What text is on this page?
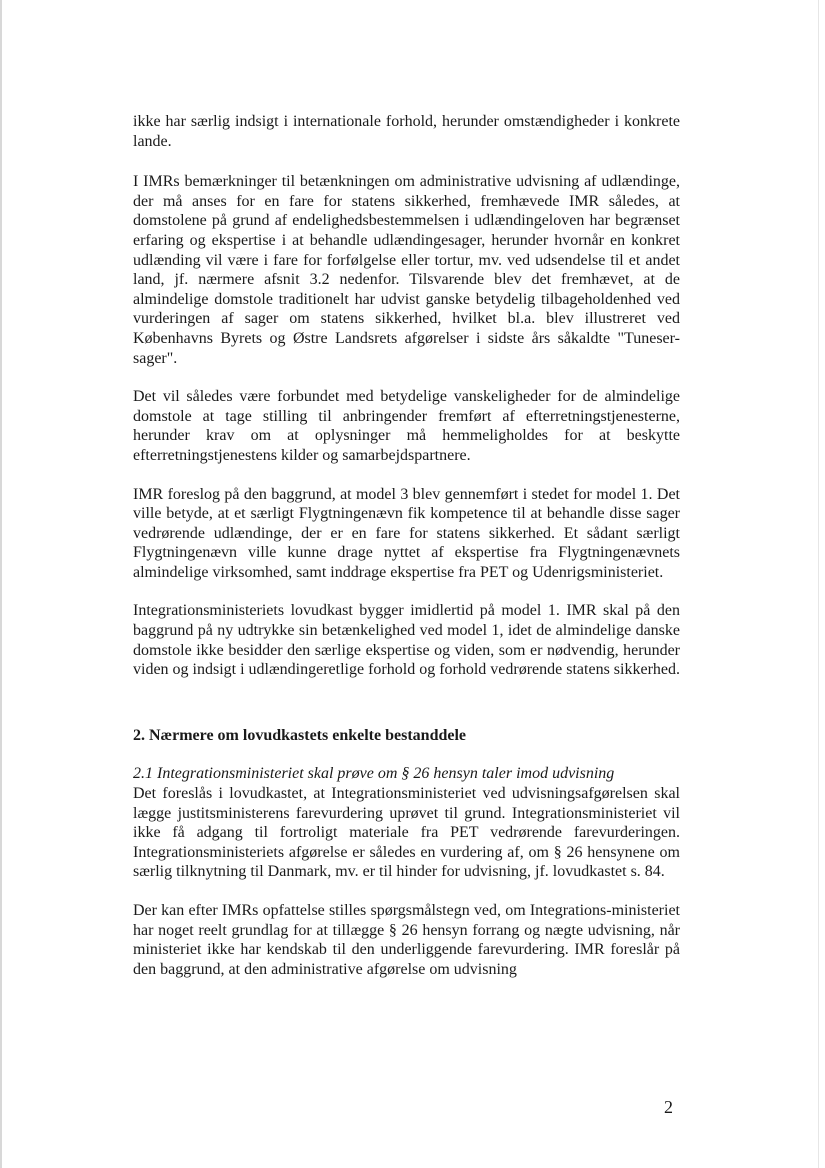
ikke har særlig indsigt i internationale forhold, herunder omstændigheder i konkrete lande.

I IMRs bemærkninger til betænkningen om administrative udvisning af udlændinge, der må anses for en fare for statens sikkerhed, fremhævede IMR således, at domstolene på grund af endelighedsbestemmelsen i udlændingeloven har begrænset erfaring og ekspertise i at behandle udlændingesager, herunder hvornår en konkret udlænding vil være i fare for forfølgelse eller tortur, mv. ved udsendelse til et andet land, jf. nærmere afsnit 3.2 nedenfor. Tilsvarende blev det fremhævet, at de almindelige domstole traditionelt har udvist ganske betydelig tilbageholdenhed ved vurderingen af sager om statens sikkerhed, hvilket bl.a. blev illustreret ved Københavns Byrets og Østre Landsrets afgørelser i sidste års såkaldte "Tuneser-sager".

Det vil således være forbundet med betydelige vanskeligheder for de almindelige domstole at tage stilling til anbringender fremført af efterretningstjenesterne, herunder krav om at oplysninger må hemmeligholdes for at beskytte efterretningstjenestens kilder og samarbejdspartnere.

IMR foreslog på den baggrund, at model 3 blev gennemført i stedet for model 1. Det ville betyde, at et særligt Flygtningenævn fik kompetence til at behandle disse sager vedrørende udlændinge, der er en fare for statens sikkerhed. Et sådant særligt Flygtningenævn ville kunne drage nyttet af ekspertise fra Flygtningenævnets almindelige virksomhed, samt inddrage ekspertise fra PET og Udenrigsministeriet.

Integrationsministeriets lovudkast bygger imidlertid på model 1. IMR skal på den baggrund på ny udtrykke sin betænkelighed ved model 1, idet de almindelige danske domstole ikke besidder den særlige ekspertise og viden, som er nødvendig, herunder viden og indsigt i udlændingeretlige forhold og forhold vedrørende statens sikkerhed.

2. Nærmere om lovudkastets enkelte bestanddele

2.1 Integrationsministeriet skal prøve om § 26 hensyn taler imod udvisning
Det foreslås i lovudkastet, at Integrationsministeriet ved udvisningsafgørelsen skal lægge justitsministerens farevurdering uprøvet til grund. Integrationsministeriet vil ikke få adgang til fortroligt materiale fra PET vedrørende farevurderingen. Integrationsministeriets afgørelse er således en vurdering af, om § 26 hensynene om særlig tilknytning til Danmark, mv. er til hinder for udvisning, jf. lovudkastet s. 84.

Der kan efter IMRs opfattelse stilles spørgsmålstegn ved, om Integrations-ministeriet har noget reelt grundlag for at tillægge § 26 hensyn forrang og nægte udvisning, når ministeriet ikke har kendskab til den underliggende farevurdering. IMR foreslår på den baggrund, at den administrative afgørelse om udvisning

2
